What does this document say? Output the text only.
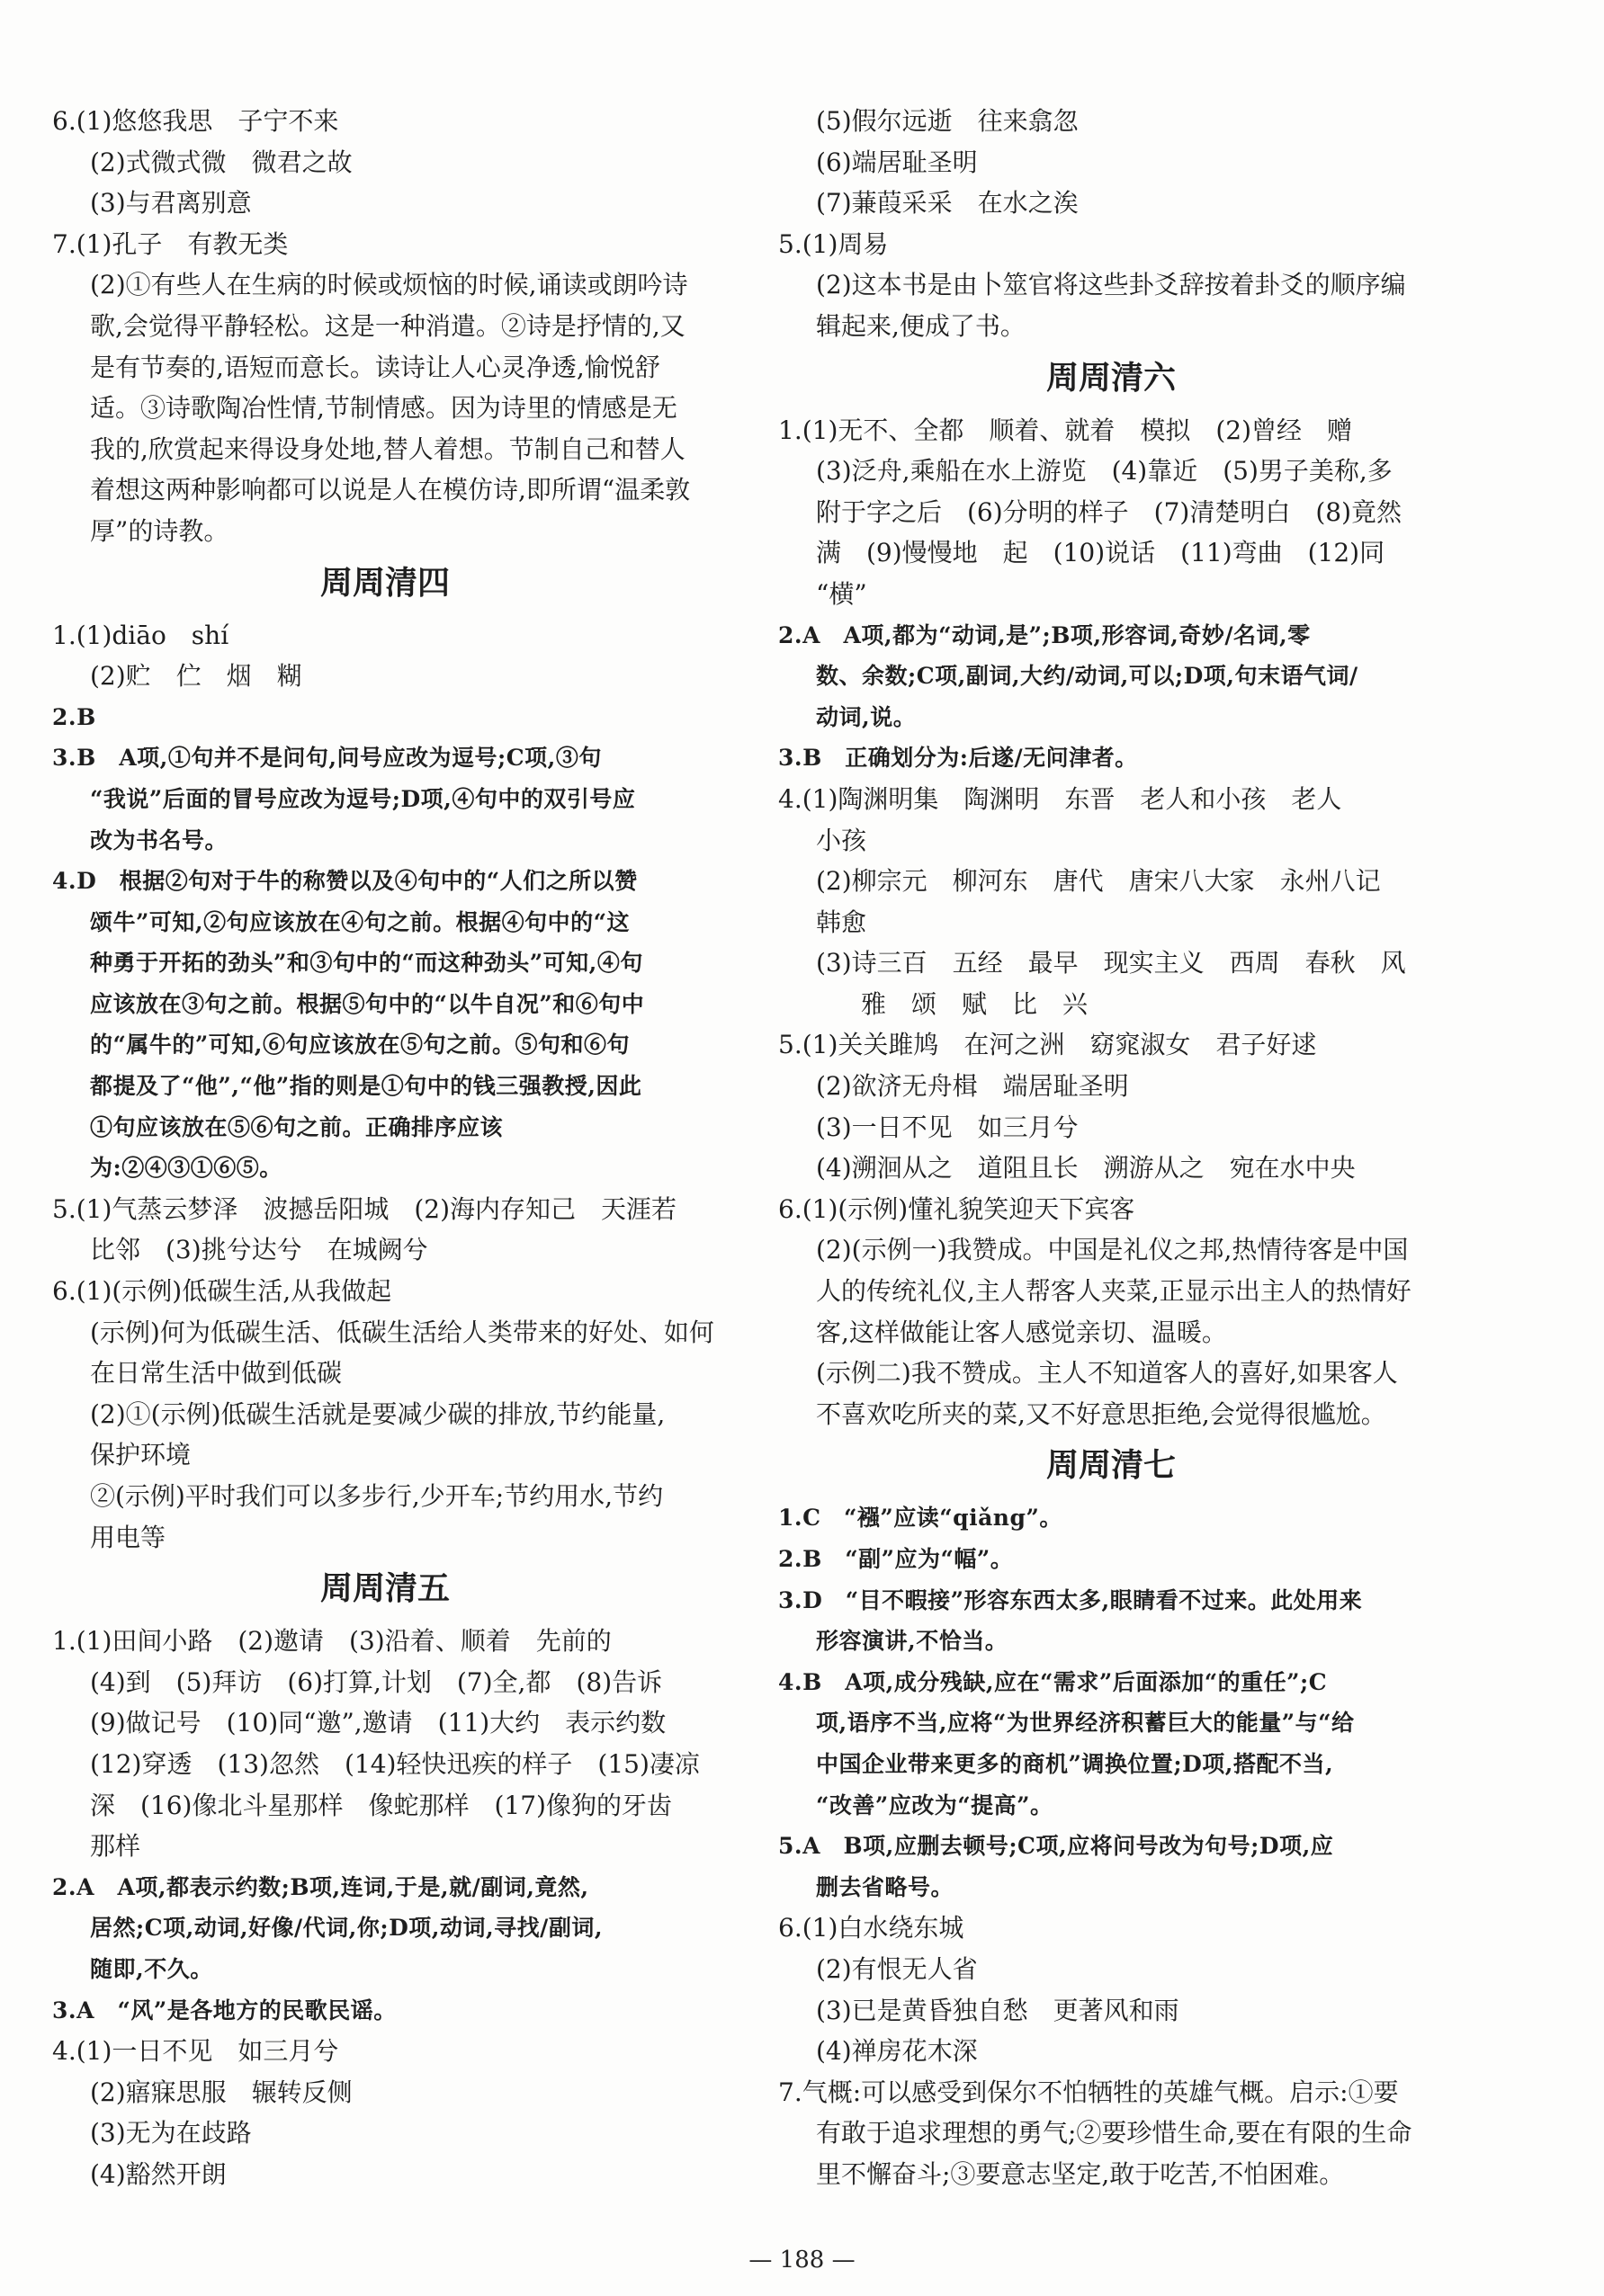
6.(1)悠悠我思　子宁不来
(2)式微式微　微君之故
(3)与君离别意
7.(1)孔子　有教无类
(2)①有些人在生病的时候或烦恼的时候,诵读或朗吟诗
歌,会觉得平静轻松。这是一种消遣。②诗是抒情的,又
是有节奏的,语短而意长。读诗让人心灵净透,愉悦舒
适。③诗歌陶冶性情,节制情感。因为诗里的情感是无
我的,欣赏起来得设身处地,替人着想。节制自己和替人
着想这两种影响都可以说是人在模仿诗,即所谓“温柔敦
厚”的诗教。
周周清四
1.(1)diāo　shí
(2)贮　伫　烟　糊
2.B
3.B　A项,①句并不是问句,问号应改为逗号;C项,③句
“我说”后面的冒号应改为逗号;D项,④句中的双引号应
改为书名号。
4.D　根据②句对于牛的称赞以及④句中的“人们之所以赞
颂牛”可知,②句应该放在④句之前。根据④句中的“这
种勇于开拓的劲头”和③句中的“而这种劲头”可知,④句
应该放在③句之前。根据⑤句中的“以牛自况”和⑥句中
的“属牛的”可知,⑥句应该放在⑤句之前。⑤句和⑥句
都提及了“他”,“他”指的则是①句中的钱三强教授,因此
①句应该放在⑤⑥句之前。正确排序应该
为:②④③①⑥⑤。
5.(1)气蒸云梦泽　波撼岳阳城　(2)海内存知己　天涯若
比邻　(3)挑兮达兮　在城阙兮
6.(1)(示例)低碳生活,从我做起
(示例)何为低碳生活、低碳生活给人类带来的好处、如何
在日常生活中做到低碳
(2)①(示例)低碳生活就是要减少碳的排放,节约能量,
保护环境
②(示例)平时我们可以多步行,少开车;节约用水,节约
用电等
周周清五
1.(1)田间小路　(2)邀请　(3)沿着、顺着　先前的
(4)到　(5)拜访　(6)打算,计划　(7)全,都　(8)告诉
(9)做记号　(10)同“邀”,邀请　(11)大约　表示约数
(12)穿透　(13)忽然　(14)轻快迅疾的样子　(15)凄凉
深　(16)像北斗星那样　像蛇那样　(17)像狗的牙齿
那样
2.A　A项,都表示约数;B项,连词,于是,就/副词,竟然,
居然;C项,动词,好像/代词,你;D项,动词,寻找/副词,
随即,不久。
3.A　“风”是各地方的民歌民谣。
4.(1)一日不见　如三月兮
(2)寤寐思服　辗转反侧
(3)无为在歧路
(4)豁然开朗
(5)假尔远逝　往来翕忽
(6)端居耻圣明
(7)蒹葭采采　在水之涘
5.(1)周易
(2)这本书是由卜筮官将这些卦爻辞按着卦爻的顺序编
辑起来,便成了书。
周周清六
1.(1)无不、全都　顺着、就着　模拟　(2)曾经　赠
(3)泛舟,乘船在水上游览　(4)靠近　(5)男子美称,多
附于字之后　(6)分明的样子　(7)清楚明白　(8)竟然
满　(9)慢慢地　起　(10)说话　(11)弯曲　(12)同
“横”
2.A　A项,都为“动词,是”;B项,形容词,奇妙/名词,零
数、余数;C项,副词,大约/动词,可以;D项,句末语气词/
动词,说。
3.B　正确划分为:后遂/无问津者。
4.(1)陶渊明集　陶渊明　东晋　老人和小孩　老人
小孩
(2)柳宗元　柳河东　唐代　唐宋八大家　永州八记
韩愈
(3)诗三百　五经　最早　现实主义　西周　春秋　风
雅　颂　赋　比　兴
5.(1)关关雎鸠　在河之洲　窈窕淑女　君子好逑
(2)欲济无舟楫　端居耻圣明
(3)一日不见　如三月兮
(4)溯洄从之　道阻且长　溯游从之　宛在水中央
6.(1)(示例)懂礼貌笑迎天下宾客
(2)(示例一)我赞成。中国是礼仪之邦,热情待客是中国
人的传统礼仪,主人帮客人夹菜,正显示出主人的热情好
客,这样做能让客人感觉亲切、温暖。
(示例二)我不赞成。主人不知道客人的喜好,如果客人
不喜欢吃所夹的菜,又不好意思拒绝,会觉得很尴尬。
周周清七
1.C　“襁”应读“qiǎng”。
2.B　“副”应为“幅”。
3.D　“目不暇接”形容东西太多,眼睛看不过来。此处用来
形容演讲,不恰当。
4.B　A项,成分残缺,应在“需求”后面添加“的重任”;C
项,语序不当,应将“为世界经济积蓄巨大的能量”与“给
中国企业带来更多的商机”调换位置;D项,搭配不当,
“改善”应改为“提高”。
5.A　B项,应删去顿号;C项,应将问号改为句号;D项,应
删去省略号。
6.(1)白水绕东城
(2)有恨无人省
(3)已是黄昏独自愁　更著风和雨
(4)禅房花木深
7.气概:可以感受到保尔不怕牺牲的英雄气概。启示:①要
有敢于追求理想的勇气;②要珍惜生命,要在有限的生命
里不懈奋斗;③要意志坚定,敢于吃苦,不怕困难。
— 188 —
